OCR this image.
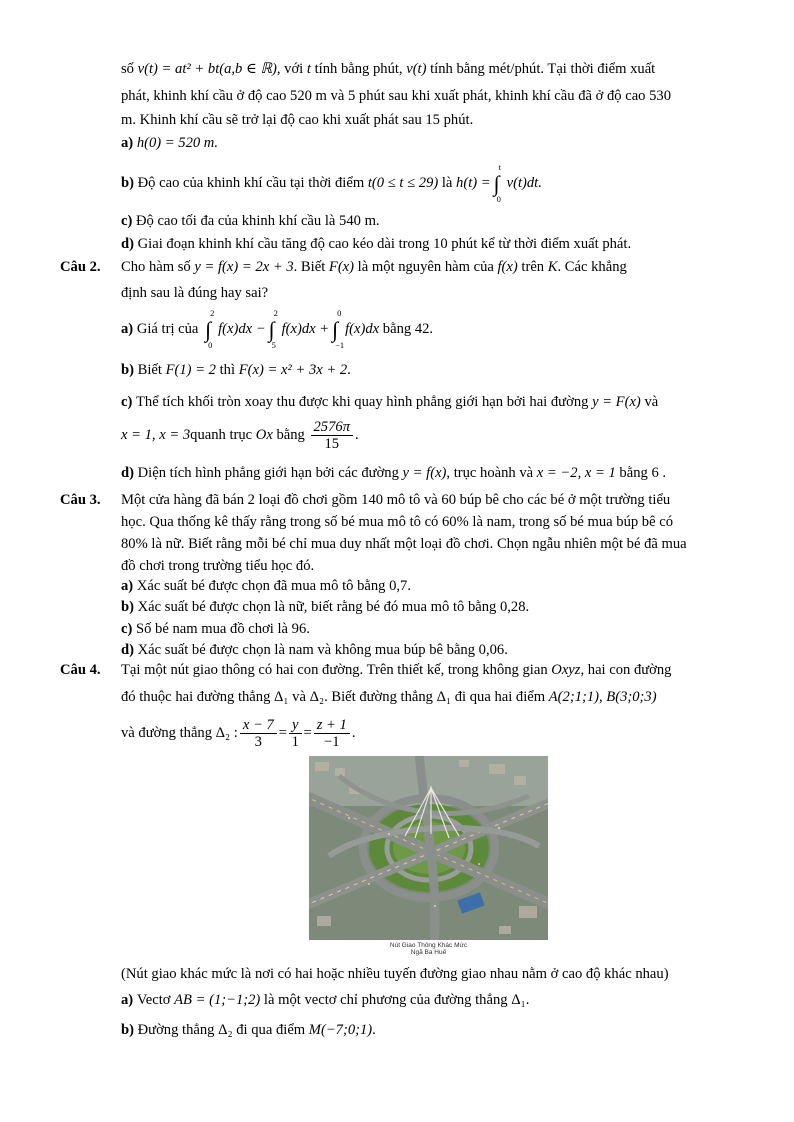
số v(t) = at² + bt(a,b ∈ ℝ), với t tính bằng phút, v(t) tính bằng mét/phút. Tại thời điểm xuất
phát, khinh khí cầu ở độ cao 520 m và 5 phút sau khi xuất phát, khinh khí cầu đã ở độ cao 530
m. Khinh khí cầu sẽ trở lại độ cao khi xuất phát sau 15 phút.
a) h(0) = 520 m.
b) Độ cao của khinh khí cầu tại thời điểm t(0 ≤ t ≤ 29) là h(t) = ∫
t
0
v(t)dt.
c) Độ cao tối đa của khinh khí cầu là 540 m.
d) Giai đoạn khinh khí cầu tăng độ cao kéo dài trong 10 phút kể từ thời điểm xuất phát.
Câu 2. Cho hàm số y = f(x) = 2x + 3. Biết F(x) là một nguyên hàm của f(x) trên K. Các khẳng
định sau là đúng hay sai?
a) Giá trị của ∫
2
0
f(x)dx − ∫
2
5
f(x)dx + ∫
0
−1
f(x)dx bằng 42.
b) Biết F(1) = 2 thì F(x) = x² + 3x + 2.
c) Thể tích khối tròn xoay thu được khi quay hình phẳng giới hạn bởi hai đường y = F(x) và
x = 1, x = 3quanh trục Ox bằng $\frac{2576\pi}{15}$ .
d) Diện tích hình phẳng giới hạn bởi các đường y = f(x), trục hoành và x = −2, x = 1 bằng 6 .
Câu 3. Một cửa hàng đã bán 2 loại đồ chơi gồm 140 mô tô và 60 búp bê cho các bé ở một trường tiểu
học. Qua thống kê thấy rằng trong số bé mua mô tô có 60% là nam, trong số bé mua búp bê có
80% là nữ. Biết rằng mỗi bé chỉ mua duy nhất một loại đồ chơi. Chọn ngẫu nhiên một bé đã mua
đồ chơi trong trường tiểu học đó.
a) Xác suất bé được chọn đã mua mô tô bằng 0,7.
b) Xác suất bé được chọn là nữ, biết rằng bé đó mua mô tô bằng 0,28.
c) Số bé nam mua đồ chơi là 96.
d) Xác suất bé được chọn là nam và không mua búp bê bằng 0,06.
Câu 4. Tại một nút giao thông có hai con đường. Trên thiết kế, trong không gian Oxyz, hai con đường
đó thuộc hai đường thẳng Δ₁ và Δ₂. Biết đường thẳng Δ₁ đi qua hai điểm A(2;1;1), B(3;0;3)
và đường thẳng Δ₂ : $\frac{x - 7}{3} = \frac{y}{1} = \frac{z + 1}{-1}$ .
Nút Giao Thông Khác Mức
Ngã Ba Huế
(Nút giao khác mức là nơi có hai hoặc nhiều tuyến đường giao nhau nằm ở cao độ khác nhau)
a) Vectơ AB = (1;−1;2) là một vectơ chỉ phương của đường thẳng Δ₁.
b) Đường thẳng Δ₂ đi qua điểm M(−7;0;1).
